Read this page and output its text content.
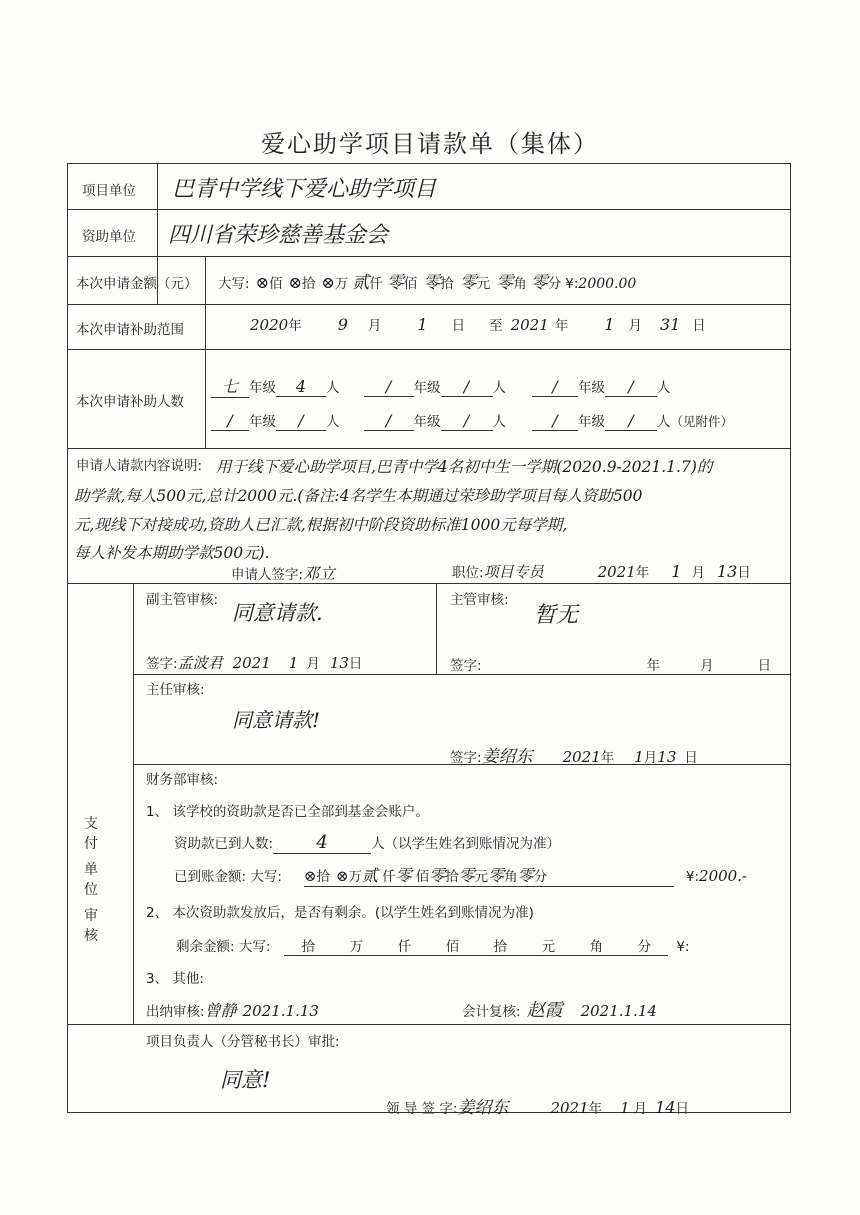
爱心助学项目请款单（集体）
项目单位 巴青中学线下爱心助学项目
资助单位 四川省荣珍慈善基金会
本次申请金额（元） 大写: ⊗ 佰 ⊗ 拾 ⊗ 万 贰 仟 零 佰 零 拾 零 元 零 角 零 分 ¥: 2000.00
本次申请补助范围	2020 年 9 月 1 日 至 2021 年 1 月 31 日
本次申请补助人数
七 年级	4	人	/	年级	/	人	/	年级	/	人
/	年级	/	人	/	年级	/	人	/	年级	/	人 （见附件）
申请人请款内容说明: 用于线下爱心助学项目,巴青中学4名初中生一学期(2020.9-2021.1.7)的
助学款,每人500元,总计2000元.(备注:4名学生本期通过荣珍助学项目每人资助500
元,现线下对接成功,资助人已汇款,根据初中阶段资助标准1000元每学期,
每人补发本期助学款500元).
申请人签字: 邓立	职位: 项目专员	2021 年 1 月 13 日
副主管审核:
同意请款.
签字: 孟波君 2021 1 月 13 日
主管审核:
暂无
签字:	年	月	日
主任审核:
同意请款!
签字: 姜绍东 2021 年 1 月 13 日
支付
单位
审核
财务部审核:
1、 该学校的资助款是否已全部到基金会账户。
资助款已到人数:	4	人（以学生姓名到账情况为准）
已到账金额: 大写: ⊗ 拾 ⊗ 万 贰 仟 零 佰 零 拾 零 元 零 角 零 分	¥: 2000.-
2、 本次资助款发放后，是否有剩余。(以学生姓名到账情况为准)
剩余金额: 大写: 拾	万	仟	佰	拾	元	角	分 ¥:
3、 其他:
出纳审核: 曾静 2021.1.13	会计复核: 赵霞 2021.1.14
项目负责人（分管秘书长）审批:
同意!
领 导 签 字: 姜绍东	2021 年 1 月 14 日
